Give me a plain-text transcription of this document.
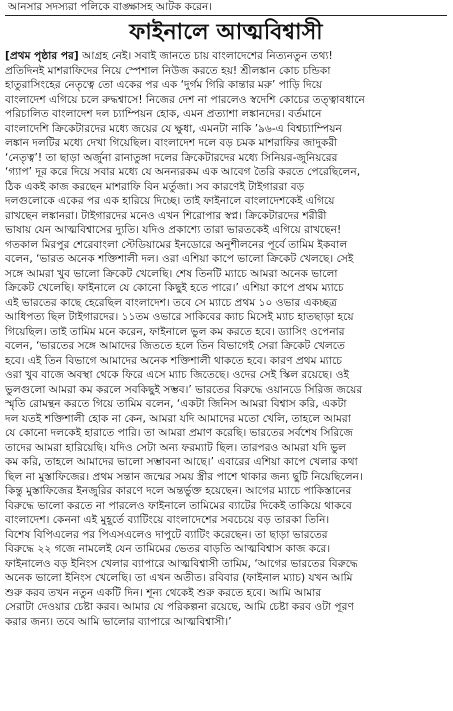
আনসার সদস্যরা পলিকে বাঙ্ক্ষাসহ আটক করেন।
ফাইনালে আত্মবিশ্বাসী
[প্রথম পৃষ্ঠার পর] আগ্রহ নেই। সবাই জানতে চায় বাংলাদেশের নিত্যনতুন তথ্য!
প্রতিদিনই মাশরাফিদের নিয়ে স্পেশাল নিউজ করতে হয়! শ্রীলঙ্কান কোচ চন্ডিকা
হাতুরাসিংহের নেতৃত্বে তো একের পর এক ‘দুর্গম গিরি কান্তার মরু’ পাড়ি দিয়ে
বাংলাদেশ এগিয়ে চলে রুদ্ধশ্বাসে! নিজের দেশ না পারলেও স্বদেশি কোচের তত্ত্বাবধানে
পরিচালিত বাংলাদেশ দল চ্যাম্পিয়ন হোক, এমন প্রত্যাশা লঙ্কানদের। বর্তমানে
বাংলাদেশি ক্রিকেটারদের মধ্যে জয়ের যে ক্ষুধা, এমনটা নাকি ’৯৬-এ বিশ্বচ্যাম্পিয়ন
লঙ্কান দলটির মধ্যে দেখা গিয়েছিল। বাংলাদেশ দলে বড় চমক মাশরাফির জাদুকরী
‘নেতৃত্ব’! তা ছাড়া অর্জুনা রানাতুঙ্গা দলের ক্রিকেটারদের মধ্যে সিনিয়র-জুনিয়রের
‘গ্যাপ’ দূর করে দিয়ে সবার মধ্যে যে অনন্যরকম এক আবেগ তৈরি করতে পেরেছিলেন,
ঠিক একই কাজ করছেন মাশরাফি বিন মর্তুজা। সব কারণেই টাইগাররা বড়
দলগুলোকে একের পর এক হারিয়ে দিচ্ছে। তাই ফাইনালে বাংলাদেশকেই এগিয়ে
রাখছেন লঙ্কানরা। টাইগারদের মনেও এখন শিরোপার স্বপ্ন। ক্রিকেটারদের শরীরী
ভাষায় যেন আত্মবিশ্বাসের দ্যুতি। যদিও প্রকাশ্যে তারা ভারতকেই এগিয়ে রাখছেন!
গতকাল মিরপুর শেরেবাংলা স্টেডিয়ামের ইনডোরে অনুশীলনের পূর্বে তামিম ইকবাল
বলেন, ‘ভারত অনেক শক্তিশালী দল। ওরা এশিয়া কাপে ভালো ক্রিকেট খেলছে। সেই
সঙ্গে আমরা খুব ভালো ক্রিকেট খেলেছি। শেষ তিনটি ম্যাচে আমরা অনেক ভালো
ক্রিকেট খেলেছি। ফাইনালে যে কোনো কিছুই হতে পারে।’ এশিয়া কাপে প্রথম ম্যাচে
এই ভারতের কাছে হেরেছিল বাংলাদেশ। তবে সে ম্যাচে প্রথম ১০ ওভার একচ্ছত্র
আধিপত্য ছিল টাইগারদের। ১১তম ওভারে সাকিবের ক্যাচ মিসেই ম্যাচ হাতছাড়া হয়ে
গিয়েছিল। তাই তামিম মনে করেন, ফাইনালে ভুল কম করতে হবে। ড্যাসিং ওপেনার
বলেন, ‘ভারতের সঙ্গে আমাদের জিততে হলে তিন বিভাগেই সেরা ক্রিকেট খেলতে
হবে। এই তিন বিভাগে আমাদের অনেক শক্তিশালী থাকতে হবে। কারণ প্রথম ম্যাচে
ওরা খুব বাজে অবস্থা থেকে ফিরে এসে ম্যাচ জিতেছে। ওদের সেই স্কিল রয়েছে। ওই
ভুলগুলো আমরা কম করলে সবকিছুই সম্ভব।’ ভারতের বিরুদ্ধে ওয়ানডে সিরিজ জয়ের
স্মৃতি রোমন্থন করতে গিয়ে তামিম বলেন, ‘একটা জিনিস আমরা বিশ্বাস করি, একটা
দল যতই শক্তিশালী হোক না কেন, আমরা যদি আমাদের মতো খেলি, তাহলে আমরা
যে কোনো দলকেই হারাতে পারি। তা আমরা প্রমাণ করেছি। ভারতের সর্বশেষ সিরিজে
তাদের আমরা হারিয়েছি। যদিও সেটা অন্য ফরম্যাট ছিল। তারপরও আমরা যদি ভুল
কম করি, তাহলে আমাদের ভালো সম্ভাবনা আছে।’ এবারের এশিয়া কাপে খেলার কথা
ছিল না মুস্তাফিজের। প্রথম সন্তান জন্মের সময় স্ত্রীর পাশে থাকার জন্য ছুটি নিয়েছিলেন।
কিন্তু মুস্তাফিজের ইনজুরির কারণে দলে অন্তর্ভুক্ত হয়েছেন। আগের ম্যাচে পাকিস্তানের
বিরুদ্ধে ভালো করতে না পারলেও ফাইনালে তামিমের ব্যাটের দিকেই তাকিয়ে থাকবে
বাংলাদেশ। কেননা এই মুহূর্তে ব্যাটিংয়ে বাংলাদেশের সবচেয়ে বড় তারকা তিনি।
বিশেষ বিপিএলের পর পিএসএলেও দাপুটে ব্যাটিং করেছেন। তা ছাড়া ভারতের
বিরুদ্ধে ২২ গজে নামলেই যেন তামিমের ভেতর বাড়তি আত্মবিশ্বাস কাজ করে।
ফাইনালেও বড় ইনিংস খেলার ব্যাপারে আত্মবিশ্বাসী তামিম, ‘আগের ভারতের বিরুদ্ধে
অনেক ভালো ইনিংস খেলেছি। তা এখন অতীত। রবিবার (ফাইনাল ম্যাচ) যখন আমি
শুরু করব তখন নতুন একটি দিন। শূন্য থেকেই শুরু করতে হবে। আমি আমার
সেরাটা দেওয়ার চেষ্টা করব। আমার যে পরিকল্পনা রয়েছে, আমি চেষ্টা করব ওটা পূরণ
করার জন্য। তবে আমি ভালোর ব্যাপারে আত্মবিশ্বাসী।’
